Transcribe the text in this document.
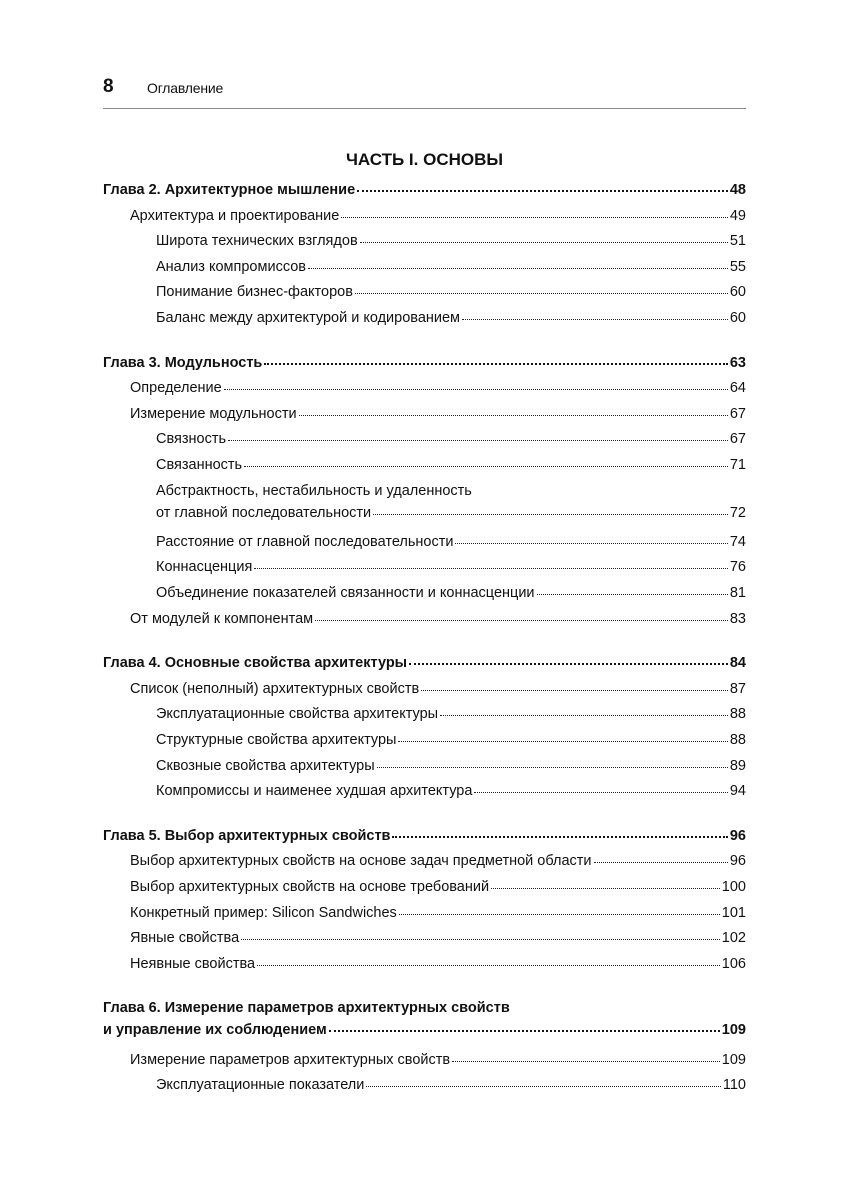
8 Оглавление
ЧАСТЬ I. ОСНОВЫ
Глава 2. Архитектурное мышление	48
Архитектура и проектирование	49
Широта технических взглядов	51
Анализ компромиссов	55
Понимание бизнес-факторов	60
Баланс между архитектурой и кодированием	60
Глава 3. Модульность	63
Определение	64
Измерение модульности	67
Связность	67
Связанность	71
Абстрактность, нестабильность и удаленность
от главной последовательности	72
Расстояние от главной последовательности	74
Коннасценция	76
Объединение показателей связанности и коннасценции	81
От модулей к компонентам	83
Глава 4. Основные свойства архитектуры	84
Список (неполный) архитектурных свойств	87
Эксплуатационные свойства архитектуры	88
Структурные свойства архитектуры	88
Сквозные свойства архитектуры	89
Компромиссы и наименее худшая архитектура	94
Глава 5. Выбор архитектурных свойств	96
Выбор архитектурных свойств на основе задач предметной области	96
Выбор архитектурных свойств на основе требований	100
Конкретный пример: Silicon Sandwiches	101
Явные свойства	102
Неявные свойства	106
Глава 6. Измерение параметров архитектурных свойств
и управление их соблюдением	109
Измерение параметров архитектурных свойств	109
Эксплуатационные показатели	110
